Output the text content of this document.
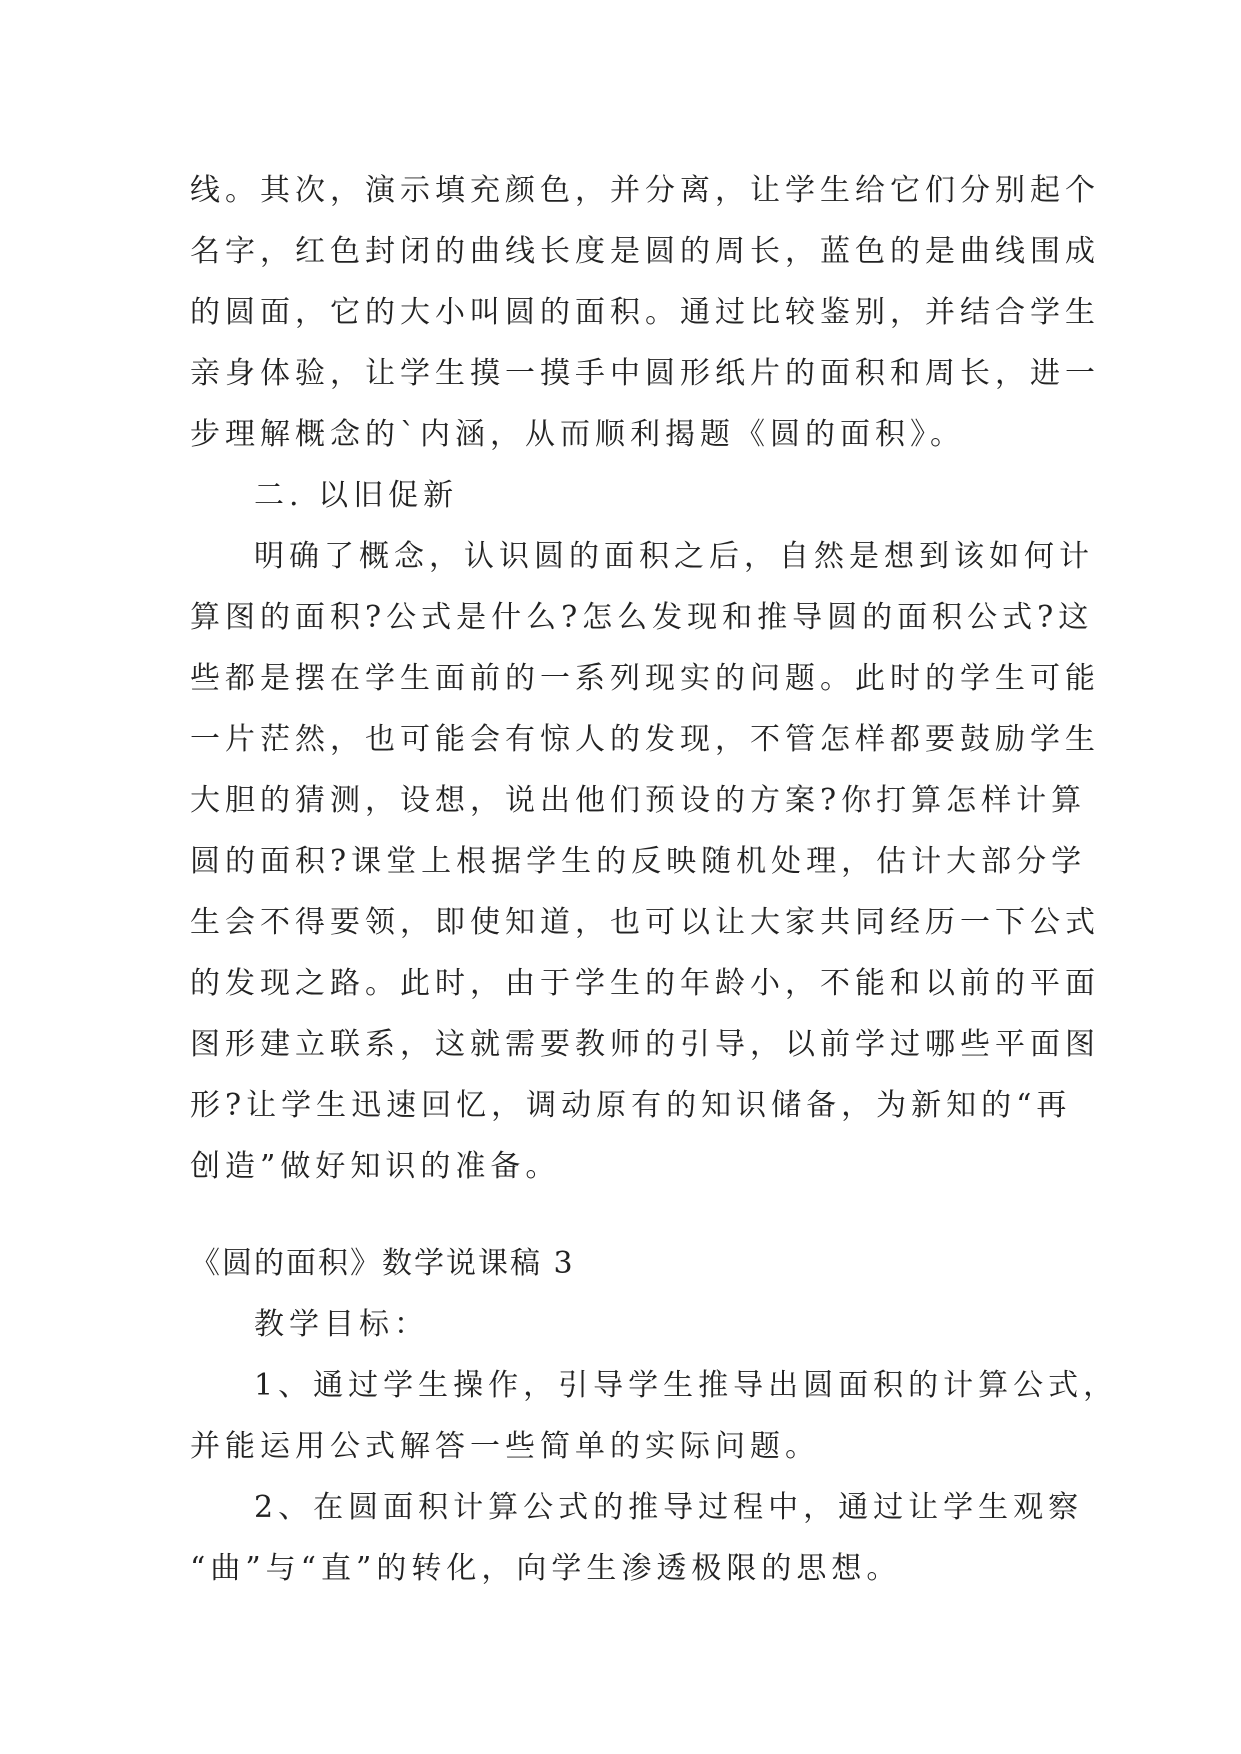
线。其次，演示填充颜色，并分离，让学生给它们分别起个
名字，红色封闭的曲线长度是圆的周长，蓝色的是曲线围成
的圆面，它的大小叫圆的面积。通过比较鉴别，并结合学生
亲身体验，让学生摸一摸手中圆形纸片的面积和周长，进一
步理解概念的`内涵，从而顺利揭题《圆的面积》。
二. 以旧促新
明确了概念，认识圆的面积之后，自然是想到该如何计
算图的面积?公式是什么?怎么发现和推导圆的面积公式?这
些都是摆在学生面前的一系列现实的问题。此时的学生可能
一片茫然，也可能会有惊人的发现，不管怎样都要鼓励学生
大胆的猜测，设想，说出他们预设的方案?你打算怎样计算
圆的面积?课堂上根据学生的反映随机处理，估计大部分学
生会不得要领，即使知道，也可以让大家共同经历一下公式
的发现之路。此时，由于学生的年龄小，不能和以前的平面
图形建立联系，这就需要教师的引导，以前学过哪些平面图
形?让学生迅速回忆，调动原有的知识储备，为新知的“再
创造”做好知识的准备。
《圆的面积》数学说课稿 3
教学目标：
1、通过学生操作，引导学生推导出圆面积的计算公式，
并能运用公式解答一些简单的实际问题。
2、在圆面积计算公式的推导过程中，通过让学生观察
“曲”与“直”的转化，向学生渗透极限的思想。
